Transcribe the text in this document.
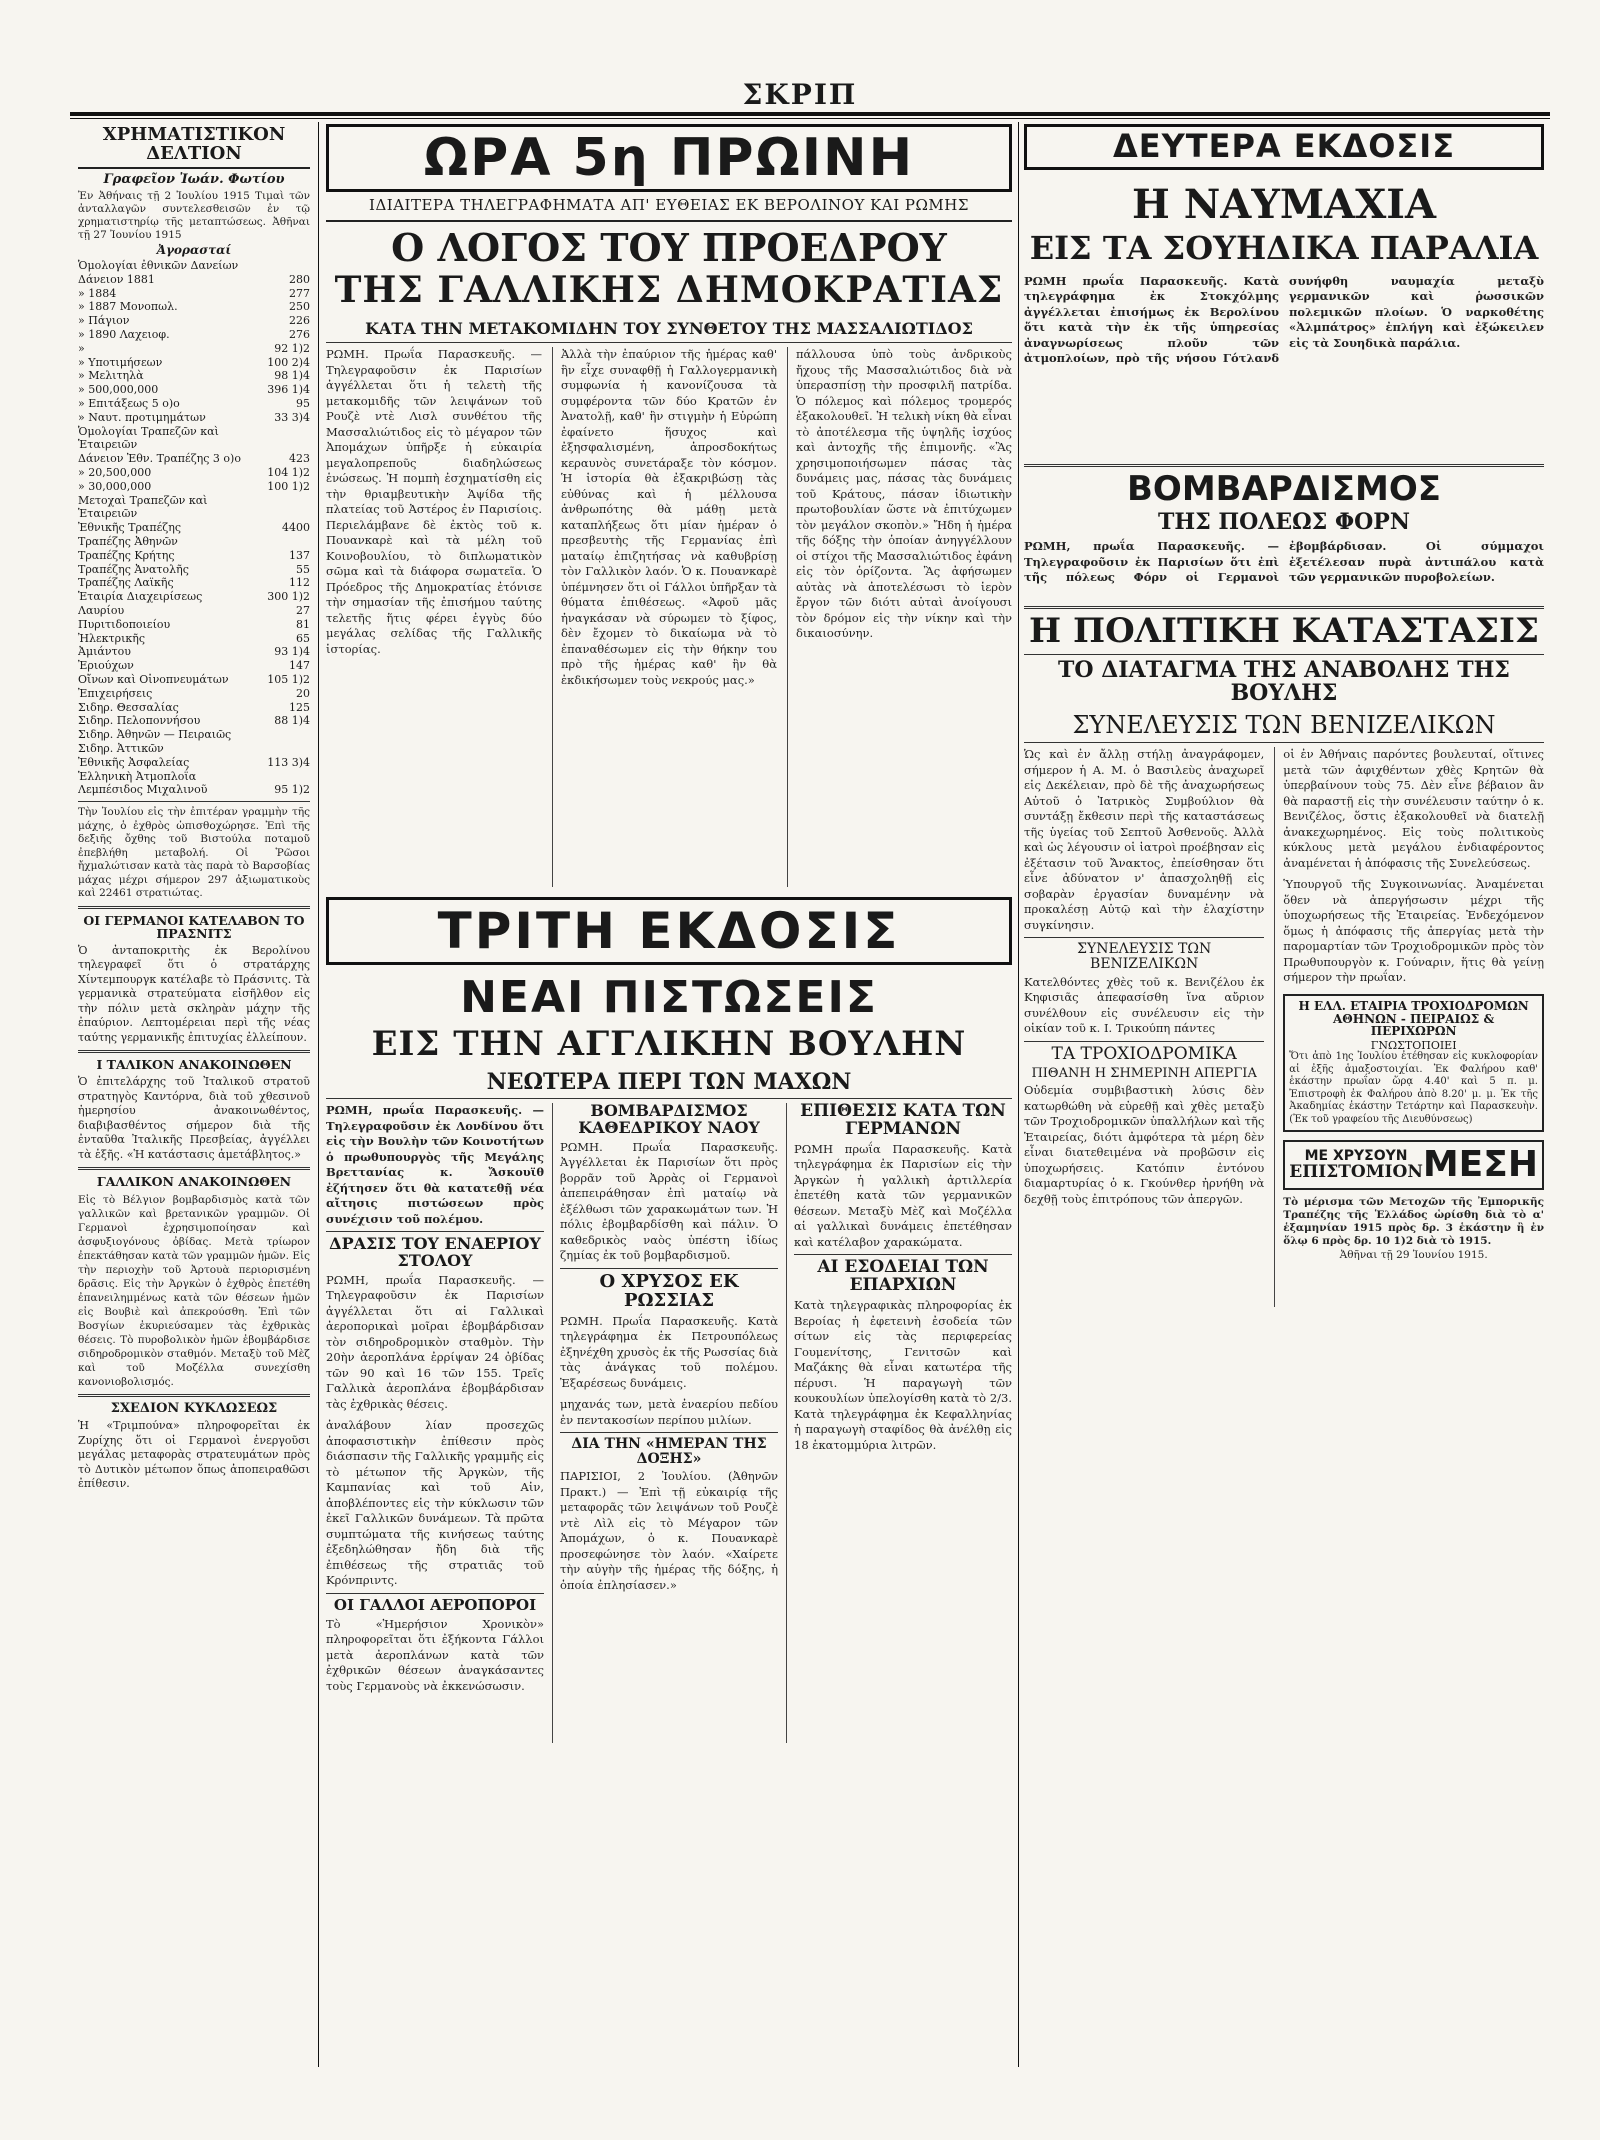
ΣΚΡΙΠ
ΧΡΗΜΑΤΙΣΤΙΚΟΝ ΔΕΛΤΙΟΝ
Γραφεῖον Ἰωάν. Φωτίου
Ἐν Ἀθήναις τῇ 2 Ἰουλίου 1915 Τιμαὶ τῶν ἀνταλλαγῶν συντελεσθεισῶν ἐν τῷ χρηματιστηρίῳ τῆς μεταπτώσεως. Ἀθῆναι τῇ 27 Ἰουνίου 1915
Ἀγορασταί
Ὁμολογίαι ἐθνικῶν Δανείων
Δάνειον 1881	280
» 1884	277
» 1887 Μονοπωλ.	250
» Πάγιον	226
» 1890 Λαχειοφ.	276
»	92 1)2
» Υποτιμήσεων	100 2)4
» Μελιτηλὰ	98 1)4
» 500,000,000	396 1)4
» Επιτάξεως 5 ο)ο	95
» Ναυτ. προτιμημάτων	33 3)4
Ὁμολογίαι Τραπεζῶν καὶ Ἑταιρειῶν
Δάνειον Ἐθν. Τραπέζης 3 ο)ο	423
» 20,500,000	104 1)2
» 30,000,000	100 1)2
Μετοχαὶ Τραπεζῶν καὶ Ἑταιρειῶν
Ἐθνικῆς Τραπέζης	4400
Τραπέζης Ἀθηνῶν
Τραπέζης Κρήτης	137
Τραπέζης Ἀνατολῆς	55
Τραπέζης Λαϊκῆς	112
Ἑταιρία Διαχειρίσεως	300 1)2
Λαυρίου	27
Πυριτιδοποιείου	81
Ἠλεκτρικῆς	65
Ἀμιάντου	93 1)4
Ἐριούχων	147
Οἴνων καὶ Οἰνοπνευμάτων	105 1)2
Ἐπιχειρήσεις	20
Σιδηρ. Θεσσαλίας	125
Σιδηρ. Πελοποννήσου	88 1)4
Σιδηρ. Ἀθηνῶν — Πειραιῶς
Σιδηρ. Ἀττικῶν
Ἐθνικῆς Ἀσφαλείας	113 3)4
Ἑλληνικὴ Ἀτμοπλοΐα
Λεμπέσιδος Μιχαλινοῦ	95 1)2
Τὴν Ἰουλίου εἰς τὴν ἐπιτέραν γραμμὴν τῆς μάχης, ὁ ἐχθρὸς ὠπισθοχώρησε. Ἐπὶ τῆς δεξιῆς ὄχθης τοῦ Βιστούλα ποταμοῦ ἐπεβλήθη μεταβολή. Οἱ Ῥῶσοι ἤχμαλώτισαν κατὰ τὰς παρὰ τὸ Βαρσοβίας μάχας μέχρι σήμερον 297 ἀξιωματικοὺς καὶ 22461 στρατιώτας.
ΟΙ ΓΕΡΜΑΝΟΙ ΚΑΤΕΛΑΒΟΝ ΤΟ ΠΡΑΣΝΙΤΣ
Ὁ ἀνταποκριτὴς ἐκ Βερολίνου τηλεγραφεῖ ὅτι ὁ στρατάρχης Χίντεμπουργκ κατέλαβε τὸ Πράσνιτς. Τὰ γερμανικὰ στρατεύματα εἰσῆλθον εἰς τὴν πόλιν μετὰ σκληρὰν μάχην τῆς ἐπαύριον. Λεπτομέρειαι περὶ τῆς νέας ταύτης γερμανικῆς ἐπιτυχίας ἐλλείπουν.
Ι ΤΑΛΙΚΟΝ ΑΝΑΚΟΙΝΩΘΕΝ
Ὁ ἐπιτελάρχης τοῦ Ἰταλικοῦ στρατοῦ στρατηγὸς Καντόρνα, διὰ τοῦ χθεσινοῦ ἡμερησίου ἀνακοινωθέντος, διαβιβασθέντος σήμερον διὰ τῆς ἐνταῦθα Ἰταλικῆς Πρεσβείας, ἀγγέλλει τὰ ἑξῆς. «Ἡ κατάστασις ἀμετάβλητος.»
ΓΑΛΛΙΚΟΝ ΑΝΑΚΟΙΝΩΘΕΝ
Εἰς τὸ Βέλγιον βομβαρδισμὸς κατὰ τῶν γαλλικῶν καὶ βρετανικῶν γραμμῶν. Οἱ Γερμανοὶ ἐχρησιμοποίησαν καὶ ἀσφυξιογόνους ὀβίδας. Μετὰ τρίωρον ἐπεκτάθησαν κατὰ τῶν γραμμῶν ἡμῶν. Εἰς τὴν περιοχὴν τοῦ Ἀρτουὰ περιορισμένη δρᾶσις. Εἰς τὴν Ἀργκὼν ὁ ἐχθρὸς ἐπετέθη ἐπανειλημμένως κατὰ τῶν θέσεων ἡμῶν εἰς Βουβιὲ καὶ ἀπεκρούσθη. Ἐπὶ τῶν Βοσγίων ἐκυριεύσαμεν τὰς ἐχθρικὰς θέσεις. Τὸ πυροβολικὸν ἡμῶν ἐβομβάρδισε σιδηροδρομικὸν σταθμόν. Μεταξὺ τοῦ Μὲζ καὶ τοῦ Μοζέλλα συνεχίσθη κανονιοβολισμός.
ΣΧΕΔΙΟΝ ΚΥΚΛΩΣΕΩΣ
Ἡ «Τριμπούνα» πληροφορεῖται ἐκ Ζυρίχης ὅτι οἱ Γερμανοὶ ἐνεργοῦσι μεγάλας μεταφορὰς στρατευμάτων πρὸς τὸ Δυτικὸν μέτωπον ὅπως ἀποπειραθῶσι ἐπίθεσιν.
ΩΡΑ 5η ΠΡΩΙΝΗ
ΙΔΙΑΙΤΕΡΑ ΤΗΛΕΓΡΑΦΗΜΑΤΑ ΑΠ' ΕΥΘΕΙΑΣ ΕΚ ΒΕΡΟΛΙΝΟΥ ΚΑΙ ΡΩΜΗΣ
Ο ΛΟΓΟΣ ΤΟΥ ΠΡΟΕΔΡΟΥ
ΤΗΣ ΓΑΛΛΙΚΗΣ ΔΗΜΟΚΡΑΤΙΑΣ
ΚΑΤΑ ΤΗΝ ΜΕΤΑΚΟΜΙΔΗΝ ΤΟΥ ΣΥΝΘΕΤΟΥ ΤΗΣ ΜΑΣΣΑΛΙΩΤΙΔΟΣ
ΡΩΜΗ. Πρωΐα Παρασκευῆς. — Τηλεγραφοῦσιν ἐκ Παρισίων ἀγγέλλεται ὅτι ἡ τελετὴ τῆς μετακομιδῆς τῶν λειψάνων τοῦ Ρουζὲ ντὲ Λισλ συνθέτου τῆς Μασσαλιώτιδος εἰς τὸ μέγαρον τῶν Ἀπομάχων ὑπῆρξε ἡ εὐκαιρία μεγαλοπρεποῦς διαδηλώσεως ἑνώσεως. Ἡ πομπὴ ἐσχηματίσθη εἰς τὴν θριαμβευτικὴν Ἁψίδα τῆς πλατείας τοῦ Ἀστέρος ἐν Παρισίοις. Περιελάμβανε δὲ ἐκτὸς τοῦ κ. Πουανκαρὲ καὶ τὰ μέλη τοῦ Κοινοβουλίου, τὸ διπλωματικὸν σῶμα καὶ τὰ διάφορα σωματεῖα. Ὁ Πρόεδρος τῆς Δημοκρατίας ἐτόνισε τὴν σημασίαν τῆς ἐπισήμου ταύτης τελετῆς ἥτις φέρει ἐγγὺς δύο μεγάλας σελίδας τῆς Γαλλικῆς ἱστορίας.
Ἀλλὰ τὴν ἐπαύριον τῆς ἡμέρας καθ' ἣν εἶχε συναφθῇ ἡ Γαλλογερμανικὴ συμφωνία ἡ κανονίζουσα τὰ συμφέροντα τῶν δύο Κρατῶν ἐν Ἀνατολῇ, καθ' ἣν στιγμὴν ἡ Εὐρώπη ἐφαίνετο ἥσυχος καὶ ἐξησφαλισμένη, ἀπροσδοκήτως κεραυνὸς συνετάραξε τὸν κόσμον. Ἡ ἱστορία θὰ ἐξακριβώσῃ τὰς εὐθύνας καὶ ἡ μέλλουσα ἀνθρωπότης θὰ μάθῃ μετὰ καταπλήξεως ὅτι μίαν ἡμέραν ὁ πρεσβευτὴς τῆς Γερμανίας ἐπὶ ματαίῳ ἐπιζητήσας νὰ καθυβρίσῃ τὸν Γαλλικὸν λαόν. Ὁ κ. Πουανκαρὲ ὑπέμνησεν ὅτι οἱ Γάλλοι ὑπῆρξαν τὰ θύματα ἐπιθέσεως. «Ἀφοῦ μᾶς ἠναγκάσαν νὰ σύρωμεν τὸ ξίφος, δὲν ἔχομεν τὸ δικαίωμα νὰ τὸ ἐπαναθέσωμεν εἰς τὴν θήκην του πρὸ τῆς ἡμέρας καθ' ἣν θὰ ἐκδικήσωμεν τοὺς νεκρούς μας.»
πάλλουσα ὑπὸ τοὺς ἀνδρικοὺς ἤχους τῆς Μασσαλιώτιδος διὰ νὰ ὑπερασπίσῃ τὴν προσφιλῆ πατρίδα. Ὁ πόλεμος καὶ πόλεμος τρομερός ἐξακολουθεῖ. Ἡ τελικὴ νίκη θὰ εἶναι τὸ ἀποτέλεσμα τῆς ὑψηλῆς ἰσχύος καὶ ἀντοχῆς τῆς ἐπιμονῆς. «Ἂς χρησιμοποιήσωμεν πάσας τὰς δυνάμεις μας, πάσας τὰς δυνάμεις τοῦ Κράτους, πάσαν ἰδιωτικὴν πρωτοβουλίαν ὥστε νὰ ἐπιτύχωμεν τὸν μεγάλον σκοπὸν.» Ἤδη ἡ ἡμέρα τῆς δόξης τὴν ὁποίαν ἀνηγγέλλουν οἱ στίχοι τῆς Μασσαλιώτιδος ἐφάνη εἰς τὸν ὁρίζοντα. Ἂς ἀφήσωμεν αὐτὰς νὰ ἀποτελέσωσι τὸ ἱερὸν ἔργον τῶν διότι αὐταὶ ἀνοίγουσι τὸν δρόμον εἰς τὴν νίκην καὶ τὴν δικαιοσύνην.
ΤΡΙΤΗ ΕΚΔΟΣΙΣ
ΝΕΑΙ ΠΙΣΤΩΣΕΙΣ
ΕΙΣ ΤΗΝ ΑΓΓΛΙΚΗΝ ΒΟΥΛΗΝ
ΝΕΩΤΕΡΑ ΠΕΡΙ ΤΩΝ ΜΑΧΩΝ
ΡΩΜΗ, πρωΐα Παρασκευῆς. — Τηλεγραφοῦσιν ἐκ Λονδίνου ὅτι εἰς τὴν Βουλὴν τῶν Κοινοτήτων ὁ πρωθυπουργὸς τῆς Μεγάλης Βρεττανίας κ. Ἄσκουϊθ ἐζήτησεν ὅτι θὰ κατατεθῇ νέα αἴτησις πιστώσεων πρὸς συνέχισιν τοῦ πολέμου.
ΔΡΑΣΙΣ ΤΟΥ ΕΝΑΕΡΙΟΥ ΣΤΟΛΟΥ
ΡΩΜΗ, πρωΐα Παρασκευῆς. — Τηλεγραφοῦσιν ἐκ Παρισίων ἀγγέλλεται ὅτι αἱ Γαλλικαὶ ἀεροπορικαὶ μοῖραι ἐβομβάρδισαν τὸν σιδηροδρομικὸν σταθμὸν. Τὴν 20ὴν ἀεροπλάνα ἐρρίψαν 24 ὀβίδας τῶν 90 καὶ 16 τῶν 155. Τρεῖς Γαλλικὰ ἀεροπλάνα ἐβομβάρδισαν τὰς ἐχθρικὰς θέσεις.
ἀναλάβουν λίαν προσεχῶς ἀποφασιστικὴν ἐπίθεσιν πρὸς διάσπασιν τῆς Γαλλικῆς γραμμῆς εἰς τὸ μέτωπον τῆς Ἀργκὼν, τῆς Καμπανίας καὶ τοῦ Αἰν, ἀποβλέποντες εἰς τὴν κύκλωσιν τῶν ἐκεῖ Γαλλικῶν δυνάμεων. Τὰ πρῶτα συμπτώματα τῆς κινήσεως ταύτης ἐξεδηλώθησαν ἤδη διὰ τῆς ἐπιθέσεως τῆς στρατιᾶς τοῦ Κρόνπριντς.
ΟΙ ΓΑΛΛΟΙ ΑΕΡΟΠΟΡΟΙ
Τὸ «Ἡμερήσιον Χρονικὸν» πληροφορεῖται ὅτι ἐξήκοντα Γάλλοι μετὰ ἀεροπλάνων κατὰ τῶν ἐχθρικῶν θέσεων ἀναγκάσαντες τοὺς Γερμανοὺς νὰ ἐκκενώσωσιν.
ΒΟΜΒΑΡΔΙΣΜΟΣ ΚΑΘΕΔΡΙΚΟΥ ΝΑΟΥ
ΡΩΜΗ. Πρωΐα Παρασκευῆς. Ἀγγέλλεται ἐκ Παρισίων ὅτι πρὸς βορρᾶν τοῦ Ἀρρὰς οἱ Γερμανοὶ ἀπεπειράθησαν ἐπὶ ματαίῳ νὰ ἐξέλθωσι τῶν χαρακωμάτων των. Ἡ πόλις ἐβομβαρδίσθη καὶ πάλιν. Ὁ καθεδρικὸς ναὸς ὑπέστη ἰδίως ζημίας ἐκ τοῦ βομβαρδισμοῦ.
Ο ΧΡΥΣΟΣ ΕΚ ΡΩΣΣΙΑΣ
ΡΩΜΗ. Πρωΐα Παρασκευῆς. Κατὰ τηλεγράφημα ἐκ Πετρουπόλεως ἐξηνέχθη χρυσὸς ἐκ τῆς Ρωσσίας διὰ τὰς ἀνάγκας τοῦ πολέμου. Ἐξαρέσεως δυνάμεις.
μηχανάς των, μετὰ ἐναερίου πεδίου ἐν πεντακοσίων περίπου μιλίων.
ΔΙΑ ΤΗΝ «ΗΜΕΡΑΝ ΤΗΣ ΔΟΞΗΣ»
ΠΑΡΙΣΙΟΙ, 2 Ἰουλίου. (Ἀθηνῶν Πρακτ.) — Ἐπὶ τῇ εὐκαιρίᾳ τῆς μεταφορᾶς τῶν λειψάνων τοῦ Ρουζὲ ντὲ Λὶλ εἰς τὸ Μέγαρον τῶν Ἀπομάχων, ὁ κ. Πουανκαρὲ προσεφώνησε τὸν λαόν. «Χαίρετε τὴν αὐγὴν τῆς ἡμέρας τῆς δόξης, ἡ ὁποία ἐπλησίασεν.»
ΕΠΙΘΕΣΙΣ ΚΑΤΑ ΤΩΝ ΓΕΡΜΑΝΩΝ
ΡΩΜΗ πρωΐα Παρασκευῆς. Κατὰ τηλεγράφημα ἐκ Παρισίων εἰς τὴν Ἀργκὼν ἡ γαλλικὴ ἀρτιλλερία ἐπετέθη κατὰ τῶν γερμανικῶν θέσεων. Μεταξὺ Μὲζ καὶ Μοζέλλα αἱ γαλλικαὶ δυνάμεις ἐπετέθησαν καὶ κατέλαβον χαρακώματα.
ΑΙ ΕΣΟΔΕΙΑΙ ΤΩΝ ΕΠΑΡΧΙΩΝ
Κατὰ τηλεγραφικὰς πληροφορίας ἐκ Βεροίας ἡ ἐφετεινὴ ἐσοδεία τῶν σίτων εἰς τὰς περιφερείας Γουμενίτσης, Γενιτσῶν καὶ Μαζάκης θὰ εἶναι κατωτέρα τῆς πέρυσι. Ἡ παραγωγὴ τῶν κουκουλίων ὑπελογίσθη κατὰ τὸ 2/3. Κατὰ τηλεγράφημα ἐκ Κεφαλληνίας ἡ παραγωγὴ σταφίδος θὰ ἀνέλθῃ εἰς 18 ἑκατομμύρια λιτρῶν.
ΔΕΥΤΕΡΑ ΕΚΔΟΣΙΣ
Η ΝΑΥΜΑΧΙΑ
ΕΙΣ ΤΑ ΣΟΥΗΔΙΚΑ ΠΑΡΑΛΙΑ
ΡΩΜΗ πρωΐα Παρασκευῆς. Κατὰ τηλεγράφημα ἐκ Στοκχόλμης ἀγγέλλεται ἐπισήμως ἐκ Βερολίνου ὅτι κατὰ τὴν ἐκ τῆς ὑπηρεσίας ἀναγνωρίσεως πλοῦν τῶν ἀτμοπλοίων, πρὸ τῆς νήσου Γότλανδ συνήφθη ναυμαχία μεταξὺ γερμανικῶν καὶ ῥωσσικῶν πολεμικῶν πλοίων. Ὁ ναρκοθέτης «Ἀλμπάτρος» ἐπλήγη καὶ ἐξώκειλεν εἰς τὰ Σουηδικὰ παράλια.
ΒΟΜΒΑΡΔΙΣΜΟΣ
ΤΗΣ ΠΟΛΕΩΣ ΦΟΡΝ
ΡΩΜΗ, πρωΐα Παρασκευῆς. — Τηλεγραφοῦσιν ἐκ Παρισίων ὅτι ἐπὶ τῆς πόλεως Φόρν οἱ Γερμανοὶ ἐβομβάρδισαν. Οἱ σύμμαχοι ἐξετέλεσαν πυρὰ ἀντιπάλου κατὰ τῶν γερμανικῶν πυροβολείων.
Η ΠΟΛΙΤΙΚΗ ΚΑΤΑΣΤΑΣΙΣ
ΤΟ ΔΙΑΤΑΓΜΑ ΤΗΣ ΑΝΑΒΟΛΗΣ ΤΗΣ ΒΟΥΛΗΣ
ΣΥΝΕΛΕΥΣΙΣ ΤΩΝ ΒΕΝΙΖΕΛΙΚΩΝ
Ὡς καὶ ἐν ἄλλῃ στήλῃ ἀναγράφομεν, σήμερον ἡ Α. Μ. ὁ Βασιλεὺς ἀναχωρεῖ εἰς Δεκέλειαν, πρὸ δὲ τῆς ἀναχωρήσεως Αὐτοῦ ὁ Ἰατρικὸς Συμβούλιον θὰ συντάξῃ ἔκθεσιν περὶ τῆς καταστάσεως τῆς ὑγείας τοῦ Σεπτοῦ Ἀσθενοῦς. Ἀλλὰ καὶ ὡς λέγουσιν οἱ ἰατροὶ προέβησαν εἰς ἐξέτασιν τοῦ Ἄνακτος, ἐπείσθησαν ὅτι εἶνε ἀδύνατον ν' ἀπασχοληθῇ εἰς σοβαρὰν ἐργασίαν δυναμένην νὰ προκαλέσῃ Αὐτῷ καὶ τὴν ἐλαχίστην συγκίνησιν.
ΣΥΝΕΛΕΥΣΙΣ ΤΩΝ ΒΕΝΙΖΕΛΙΚΩΝ
Κατελθόντες χθὲς τοῦ κ. Βενιζέλου ἐκ Κηφισιᾶς ἀπεφασίσθη ἵνα αὔριον συνέλθουν εἰς συνέλευσιν εἰς τὴν οἰκίαν τοῦ κ. Ι. Τρικούπη πάντες
ΤΑ ΤΡΟΧΙΟΔΡΟΜΙΚΑ
ΠΙΘΑΝΗ Η ΣΗΜΕΡΙΝΗ ΑΠΕΡΓΙΑ
Οὐδεμία συμβιβαστικὴ λύσις δὲν κατωρθώθη νὰ εὑρεθῇ καὶ χθὲς μεταξὺ τῶν Τροχιοδρομικῶν ὑπαλλήλων καὶ τῆς Ἑταιρείας, διότι ἀμφότερα τὰ μέρη δὲν εἶναι διατεθειμένα νὰ προβῶσιν εἰς ὑποχωρήσεις. Κατόπιν ἐντόνου διαμαρτυρίας ὁ κ. Γκούνθερ ἠρνήθη νὰ δεχθῇ τοὺς ἐπιτρόπους τῶν ἀπεργῶν.
οἱ ἐν Ἀθήναις παρόντες βουλευταί, οἵτινες μετὰ τῶν ἀφιχθέντων χθὲς Κρητῶν θὰ ὑπερβαίνουν τοὺς 75. Δὲν εἶνε βέβαιον ἂν θὰ παραστῇ εἰς τὴν συνέλευσιν ταύτην ὁ κ. Βενιζέλος, ὅστις ἐξακολουθεῖ νὰ διατελῇ ἀνακεχωρημένος. Εἰς τοὺς πολιτικοὺς κύκλους μετὰ μεγάλου ἐνδιαφέροντος ἀναμένεται ἡ ἀπόφασις τῆς Συνελεύσεως.
Ὑπουργοῦ τῆς Συγκοινωνίας. Ἀναμένεται ὅθεν νὰ ἀπεργήσωσιν μέχρι τῆς ὑποχωρήσεως τῆς Ἑταιρείας. Ἐνδεχόμενον ὅμως ἡ ἀπόφασις τῆς ἀπεργίας μετὰ τὴν παρομαρτίαν τῶν Τροχιοδρομικῶν πρὸς τὸν Πρωθυπουργὸν κ. Γούναριν, ἥτις θὰ γείνῃ σήμερον τὴν πρωΐαν.
Η ΕΛΛ. ΕΤΑΙΡΙΑ ΤΡΟΧΙΟΔΡΟΜΩΝ
ΑΘΗΝΩΝ - ΠΕΙΡΑΙΩΣ & ΠΕΡΙΧΩΡΩΝ
ΓΝΩΣΤΟΠΟΙΕΙ
Ὅτι ἀπὸ 1ης Ἰουλίου ἐτέθησαν εἰς κυκλοφορίαν αἱ ἐξῆς ἁμαξοστοιχίαι. Ἐκ Φαλήρου καθ' ἑκάστην πρωΐαν ὥρᾳ 4.40' καὶ 5 π. μ. Ἐπιστροφὴ ἐκ Φαλήρου ἀπὸ 8.20' μ. μ. Ἐκ τῆς Ἀκαδημίας ἑκάστην Τετάρτην καὶ Παρασκευὴν. (Ἐκ τοῦ γραφείου τῆς Διευθύνσεως)
ΜΕ ΧΡΥΣΟΥΝ
ΕΠΙΣΤΟΜΙΟΝ ΜΕΣΗ
Τὸ μέρισμα τῶν Μετοχῶν τῆς Ἐμπορικῆς Τραπέζης τῆς Ἑλλάδος ὡρίσθη διὰ τὸ α' ἑξαμηνίαν 1915 πρὸς δρ. 3 ἑκάστην ἢ ἐν ὅλῳ 6 πρὸς δρ. 10 1)2 διὰ τὸ 1915.
Ἀθῆναι τῇ 29 Ἰουνίου 1915.
